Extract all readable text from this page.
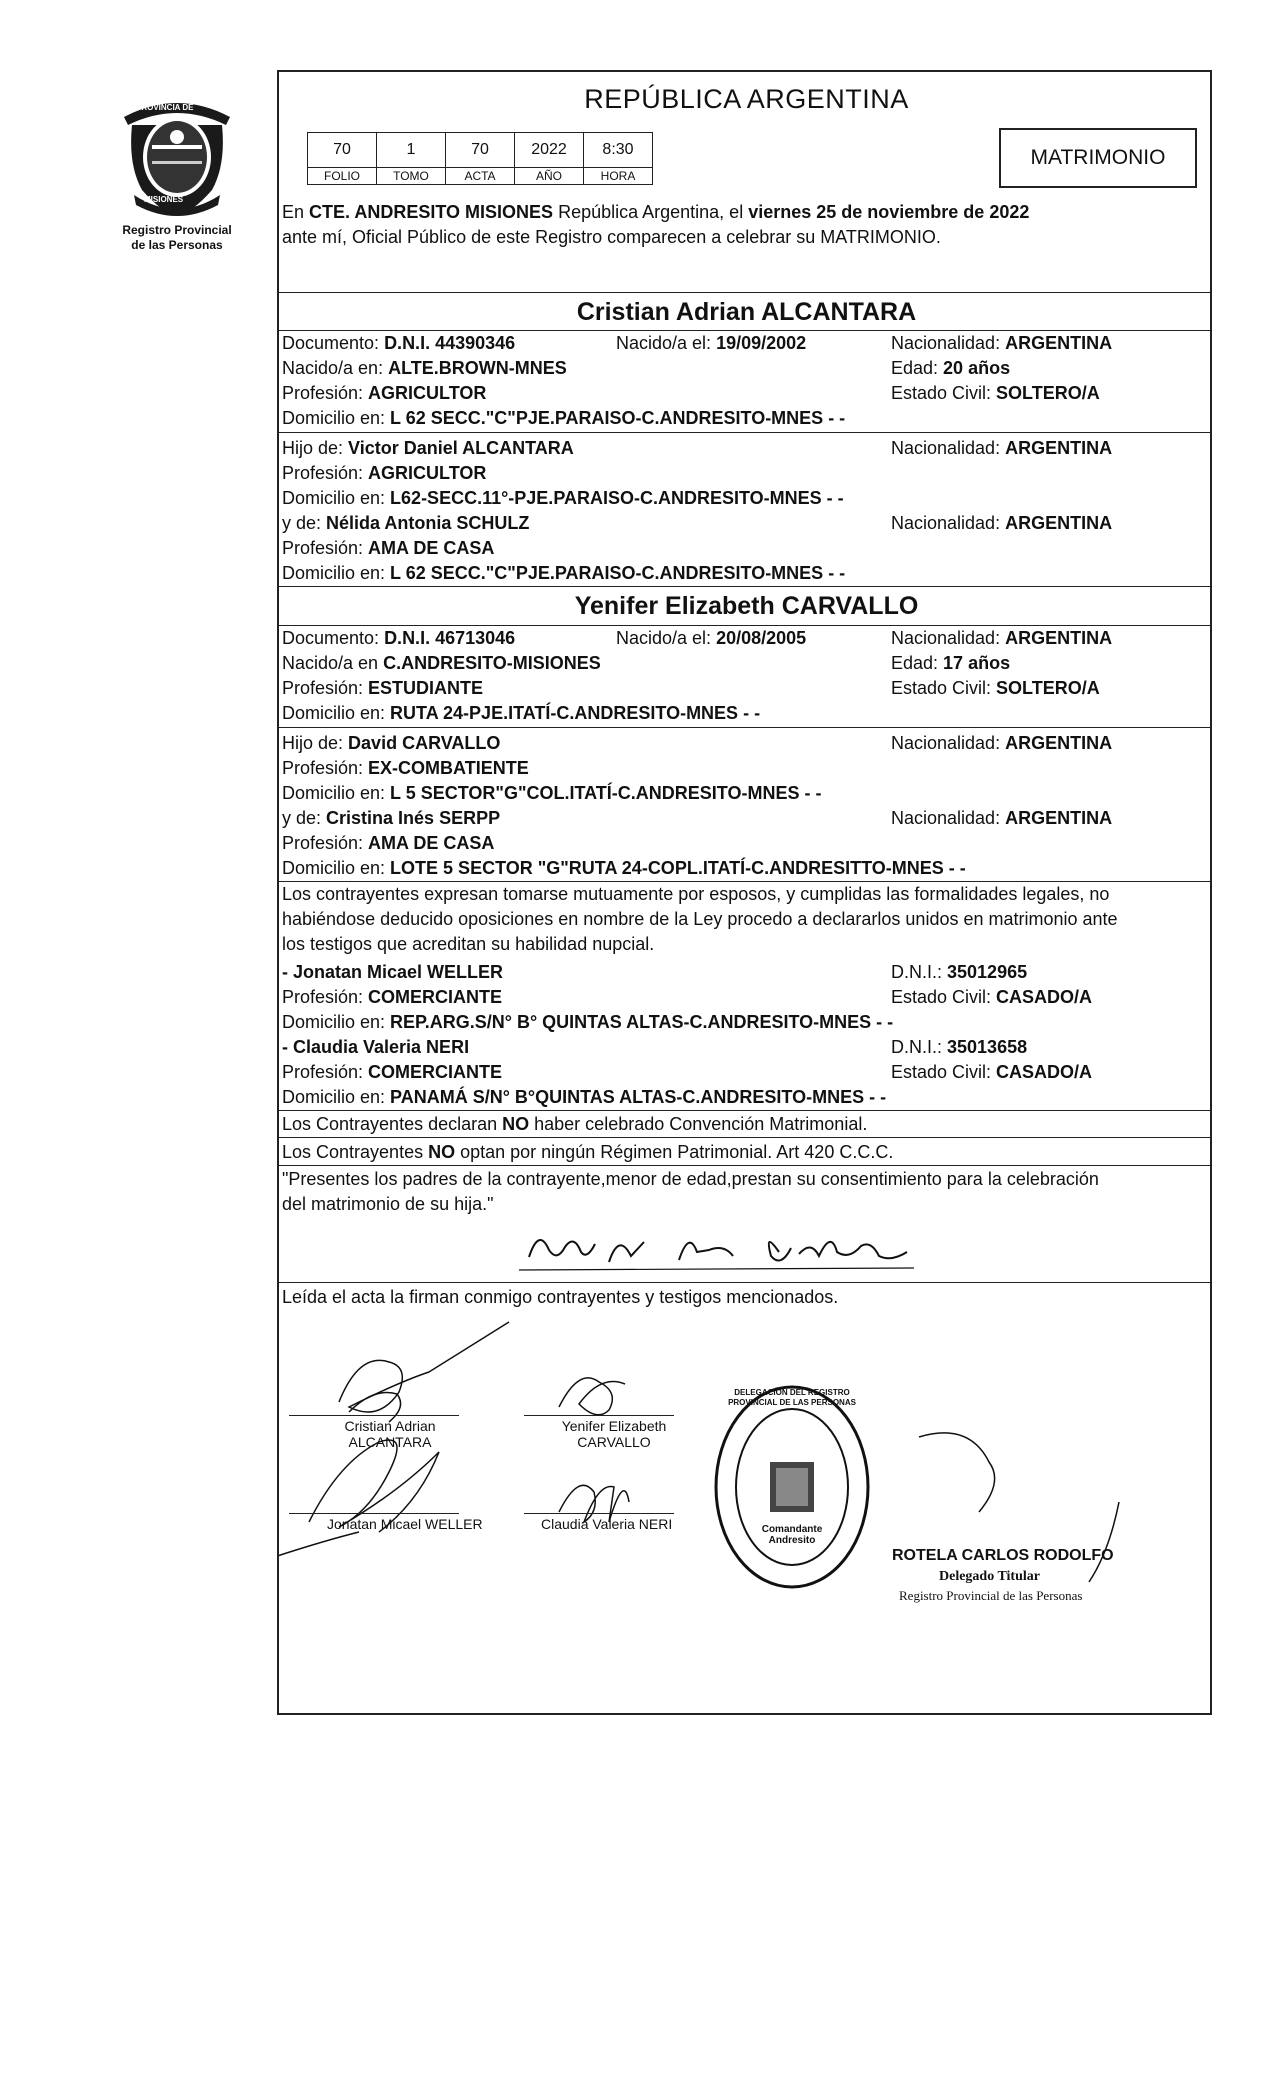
PROVINCIA DE
MISIONES
Registro Provincial
de las Personas
REPÚBLICA ARGENTINA
70	1	70	2022	8:30
FOLIO	TOMO	ACTA	AÑO	HORA
MATRIMONIO
En CTE. ANDRESITO MISIONES República Argentina, el viernes 25 de noviembre de 2022
ante mí, Oficial Público de este Registro comparecen a celebrar su MATRIMONIO.
Cristian Adrian ALCANTARA
Documento: D.N.I. 44390346	Nacido/a el: 19/09/2002	Nacionalidad: ARGENTINA
Nacido/a en: ALTE.BROWN-MNES	Edad: 20 años
Profesión: AGRICULTOR	Estado Civil: SOLTERO/A
Domicilio en: L 62 SECC."C"PJE.PARAISO-C.ANDRESITO-MNES - -
Hijo de: Victor Daniel ALCANTARA	Nacionalidad: ARGENTINA
Profesión: AGRICULTOR
Domicilio en: L62-SECC.11°-PJE.PARAISO-C.ANDRESITO-MNES - -
y de: Nélida Antonia SCHULZ	Nacionalidad: ARGENTINA
Profesión: AMA DE CASA
Domicilio en: L 62 SECC."C"PJE.PARAISO-C.ANDRESITO-MNES - -
Yenifer Elizabeth CARVALLO
Documento: D.N.I. 46713046	Nacido/a el: 20/08/2005	Nacionalidad: ARGENTINA
Nacido/a en C.ANDRESITO-MISIONES	Edad: 17 años
Profesión: ESTUDIANTE	Estado Civil: SOLTERO/A
Domicilio en: RUTA 24-PJE.ITATÍ-C.ANDRESITO-MNES - -
Hijo de: David CARVALLO	Nacionalidad: ARGENTINA
Profesión: EX-COMBATIENTE
Domicilio en: L 5 SECTOR"G"COL.ITATÍ-C.ANDRESITO-MNES - -
y de: Cristina Inés SERPP	Nacionalidad: ARGENTINA
Profesión: AMA DE CASA
Domicilio en: LOTE 5 SECTOR "G"RUTA 24-COPL.ITATÍ-C.ANDRESITTO-MNES - -
Los contrayentes expresan tomarse mutuamente por esposos, y cumplidas las formalidades legales, no
habiéndose deducido oposiciones en nombre de la Ley procedo a declararlos unidos en matrimonio ante
los testigos que acreditan su habilidad nupcial.
- Jonatan Micael WELLER	D.N.I.: 35012965
Profesión: COMERCIANTE	Estado Civil: CASADO/A
Domicilio en: REP.ARG.S/N° B° QUINTAS ALTAS-C.ANDRESITO-MNES - -
- Claudia Valeria NERI	D.N.I.: 35013658
Profesión: COMERCIANTE	Estado Civil: CASADO/A
Domicilio en: PANAMÁ S/N° B°QUINTAS ALTAS-C.ANDRESITO-MNES - -
Los Contrayentes declaran NO haber celebrado Convención Matrimonial.
Los Contrayentes NO optan por ningún Régimen Patrimonial. Art 420 C.C.C.
"Presentes los padres de la contrayente,menor de edad,prestan su consentimiento para la celebración
del matrimonio de su hija."
Leída el acta la firman conmigo contrayentes y testigos mencionados.
Cristian Adrian
ALCANTARA
Yenifer Elizabeth
CARVALLO
Jonatan Micael WELLER	Claudia Valeria NERI
DELEGACIÓN DEL REGISTRO PROVINCIAL DE LAS PERSONAS
Comandante Andresito
ROTELA CARLOS RODOLFO
Delegado Titular
Registro Provincial de las Personas
